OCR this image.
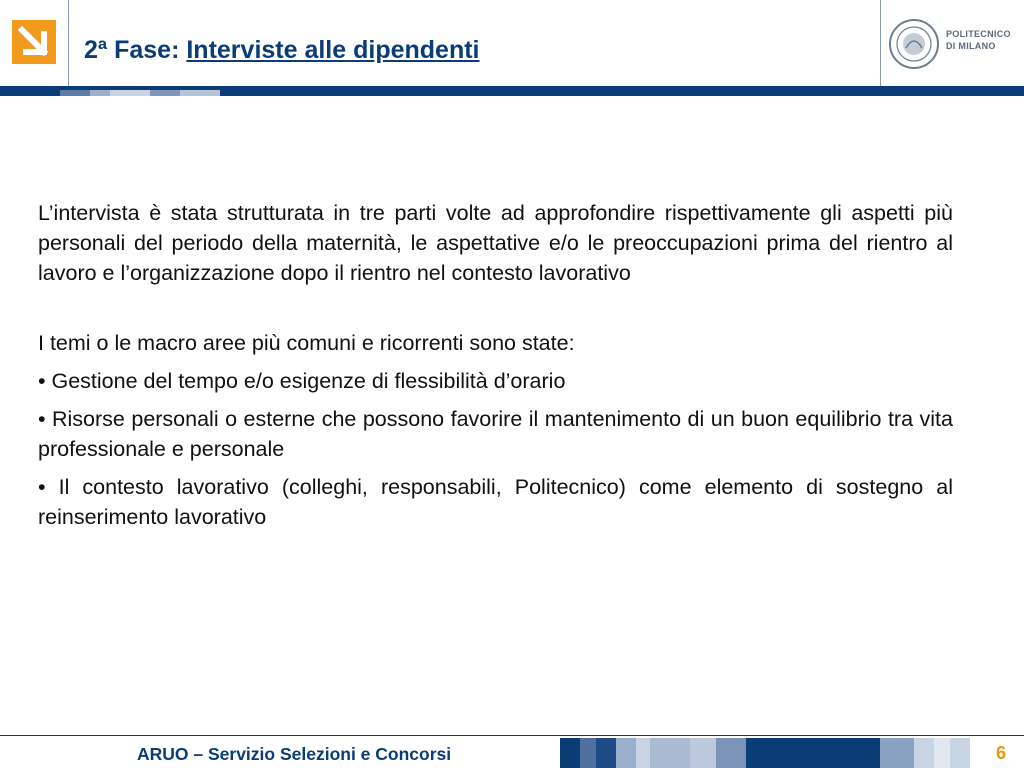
2ª Fase: Interviste alle dipendenti
POLITECNICO
DI MILANO

L’intervista è stata strutturata in tre parti volte ad approfondire rispettivamente gli aspetti più personali del periodo della maternità, le aspettative e/o le preoccupazioni prima del rientro al lavoro e l’organizzazione dopo il rientro nel contesto lavorativo

I temi o le macro aree più comuni e ricorrenti sono state:

• Gestione del tempo e/o esigenze di flessibilità d’orario

• Risorse personali o esterne che possono favorire il mantenimento di un buon equilibrio tra vita professionale e personale

• Il contesto lavorativo (colleghi, responsabili, Politecnico) come elemento di sostegno al reinserimento lavorativo

ARUO – Servizio Selezioni e Concorsi	6
